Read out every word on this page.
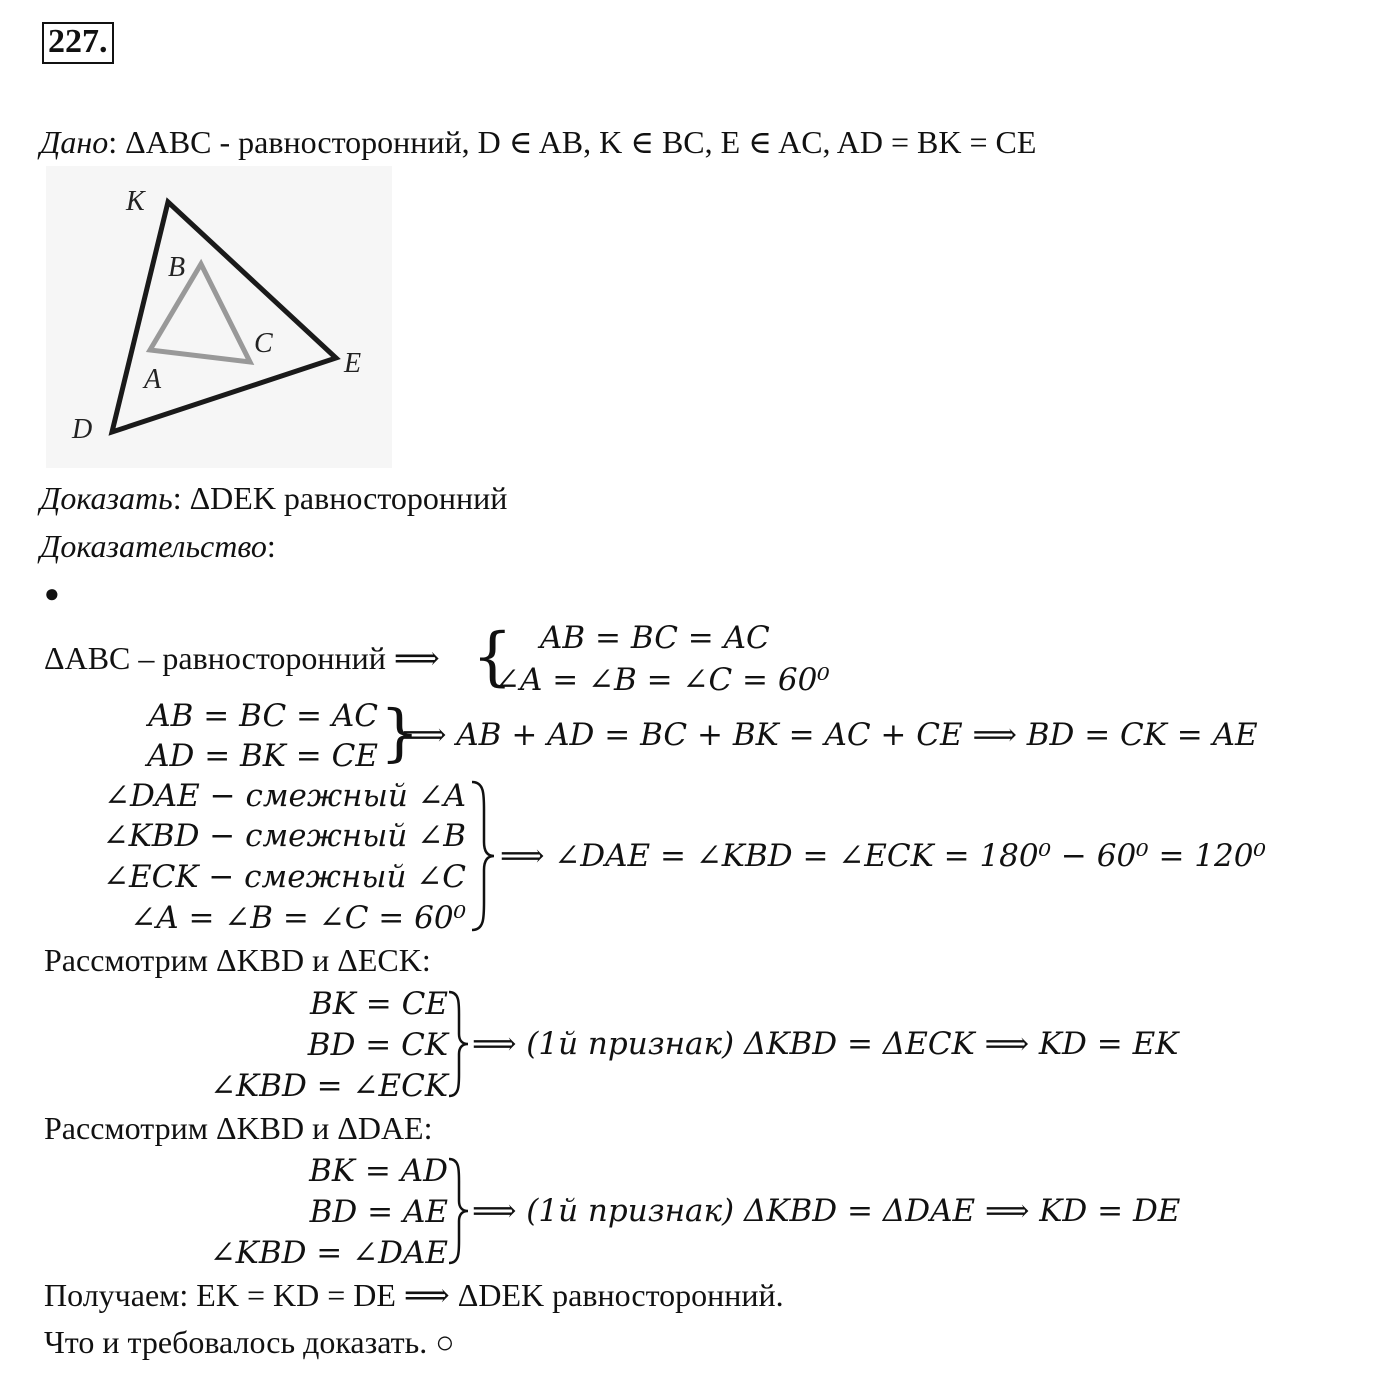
227.
Дано: ΔABC - равносторонний, D ∈ AB, K ∈ BC, E ∈ AC, AD = BK = CE
K
B
C
E
A
D
Доказать: ΔDEK равносторонний
Доказательство:
●
ΔABC – равносторонний ⟹ { AB = BC = AC
∠A = ∠B = ∠C = 60⁰
AB = BC = AC
AD = BK = CE }
⟹ AB + AD = BC + BK = AC + CE ⟹ BD = CK = AE
∠DAE − смежный ∠A
∠KBD − смежный ∠B
∠ECK − смежный ∠C
∠A = ∠B = ∠C = 60⁰
⟹ ∠DAE = ∠KBD = ∠ECK = 180⁰ − 60⁰ = 120⁰
Рассмотрим ΔKBD и ΔECK:
BK = CE
BD = CK
∠KBD = ∠ECK
⟹ (1й признак) ΔKBD = ΔECK ⟹ KD = EK
Рассмотрим ΔKBD и ΔDAE:
BK = AD
BD = AE
∠KBD = ∠DAE
⟹ (1й признак) ΔKBD = ΔDAE ⟹ KD = DE
Получаем: EK = KD = DE ⟹ ΔDEK равносторонний.
Что и требовалось доказать. ○
